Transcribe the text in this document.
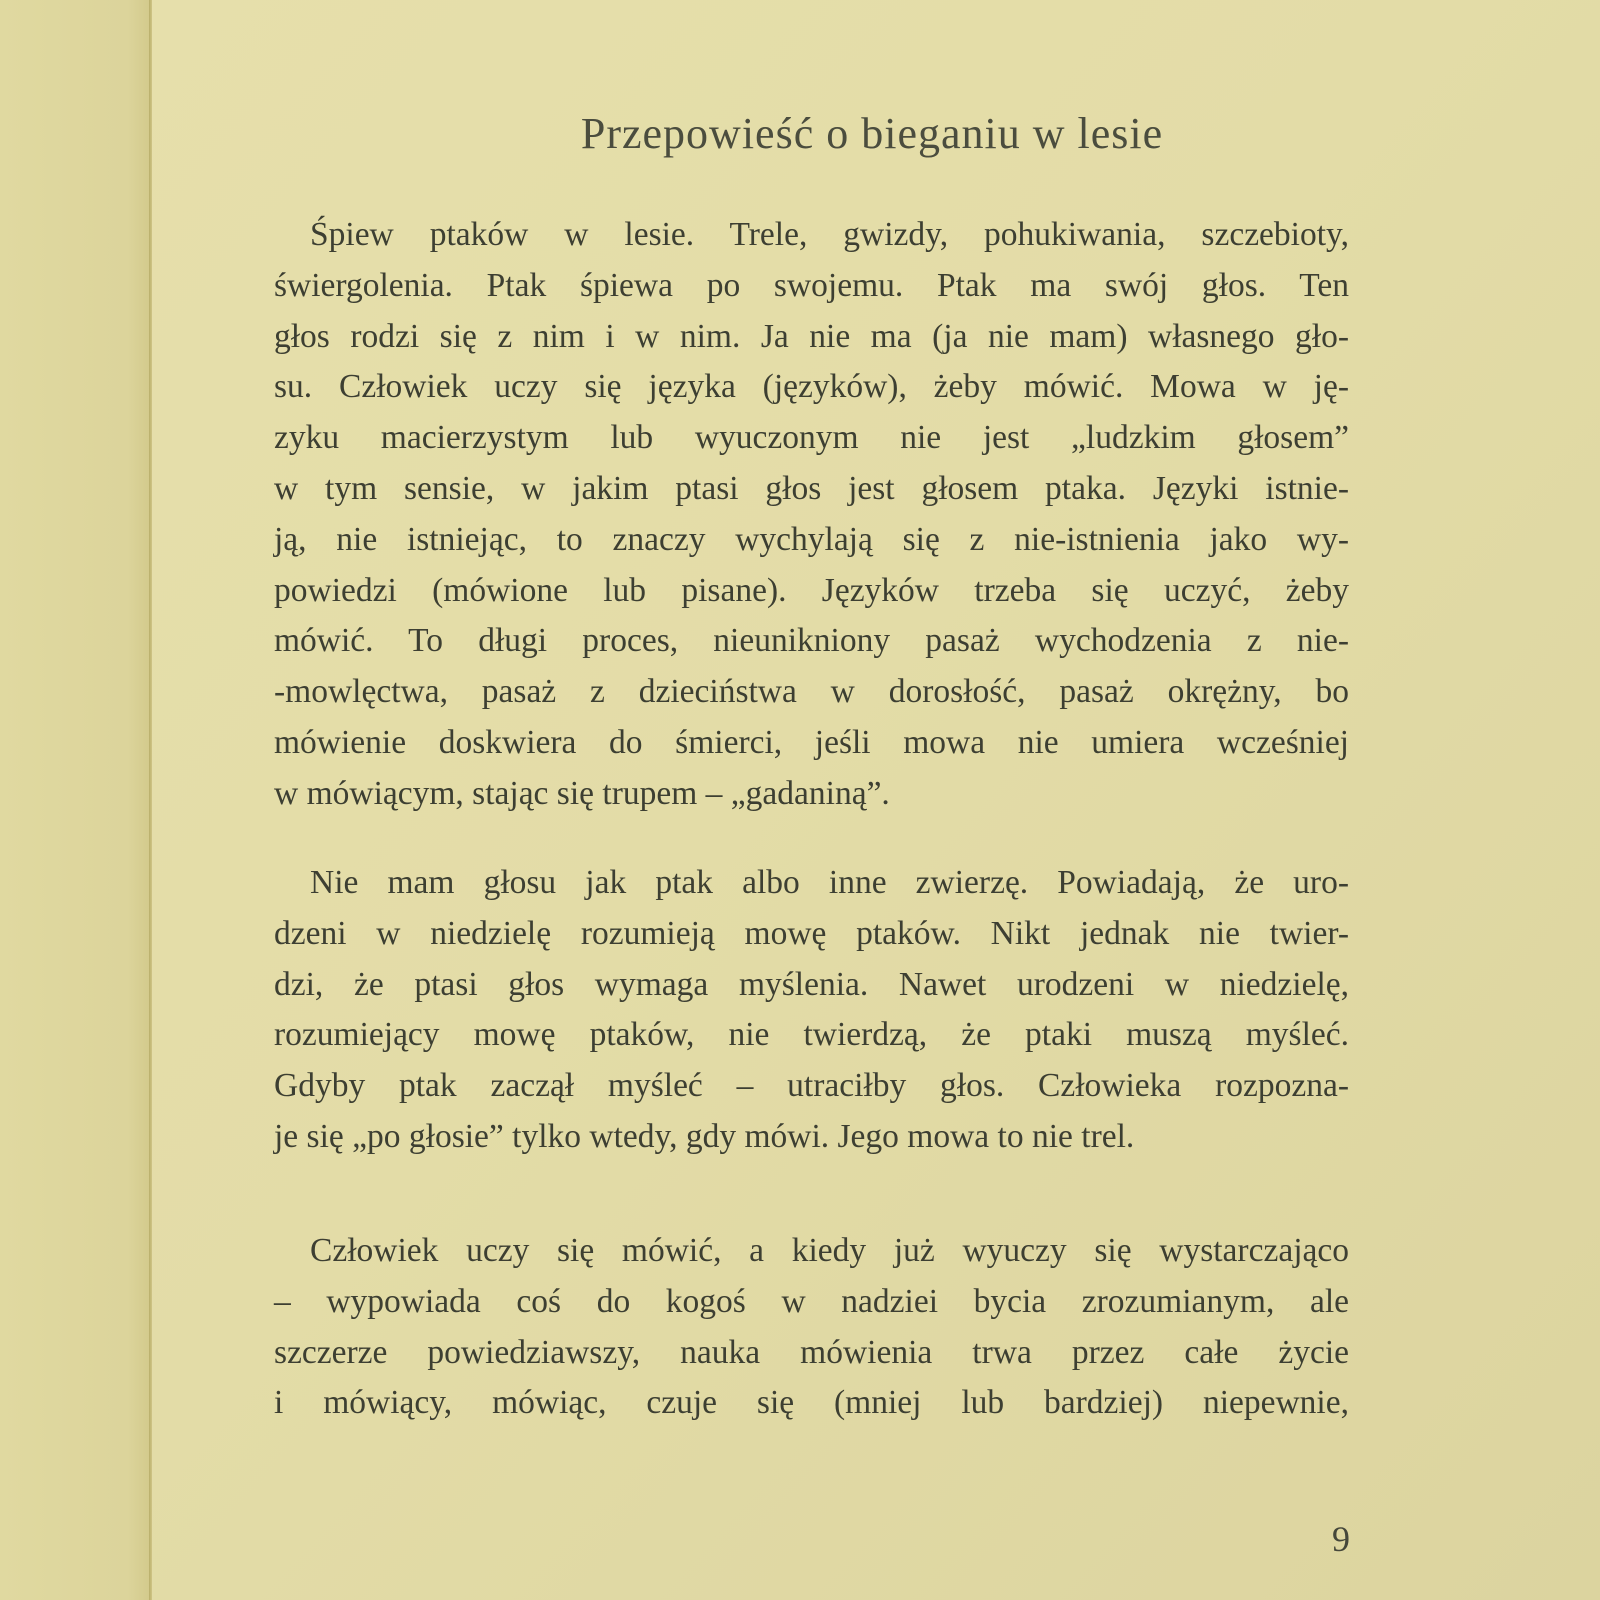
Przepowieść o bieganiu w lesie
Śpiew ptaków w lesie. Trele, gwizdy, pohukiwania, szczebioty,
świergolenia. Ptak śpiewa po swojemu. Ptak ma swój głos. Ten
głos rodzi się z nim i w nim. Ja nie ma (ja nie mam) własnego gło-
su. Człowiek uczy się języka (języków), żeby mówić. Mowa w ję-
zyku macierzystym lub wyuczonym nie jest „ludzkim głosem”
w tym sensie, w jakim ptasi głos jest głosem ptaka. Języki istnie-
ją, nie istniejąc, to znaczy wychylają się z nie-istnienia jako wy-
powiedzi (mówione lub pisane). Języków trzeba się uczyć, żeby
mówić. To długi proces, nieunikniony pasaż wychodzenia z nie-
-mowlęctwa, pasaż z dzieciństwa w dorosłość, pasaż okrężny, bo
mówienie doskwiera do śmierci, jeśli mowa nie umiera wcześniej
w mówiącym, stając się trupem – „gadaniną”.
Nie mam głosu jak ptak albo inne zwierzę. Powiadają, że uro-
dzeni w niedzielę rozumieją mowę ptaków. Nikt jednak nie twier-
dzi, że ptasi głos wymaga myślenia. Nawet urodzeni w niedzielę,
rozumiejący mowę ptaków, nie twierdzą, że ptaki muszą myśleć.
Gdyby ptak zaczął myśleć – utraciłby głos. Człowieka rozpozna-
je się „po głosie” tylko wtedy, gdy mówi. Jego mowa to nie trel.
Człowiek uczy się mówić, a kiedy już wyuczy się wystarczająco
– wypowiada coś do kogoś w nadziei bycia zrozumianym, ale
szczerze powiedziawszy, nauka mówienia trwa przez całe życie
i mówiący, mówiąc, czuje się (mniej lub bardziej) niepewnie,
9
